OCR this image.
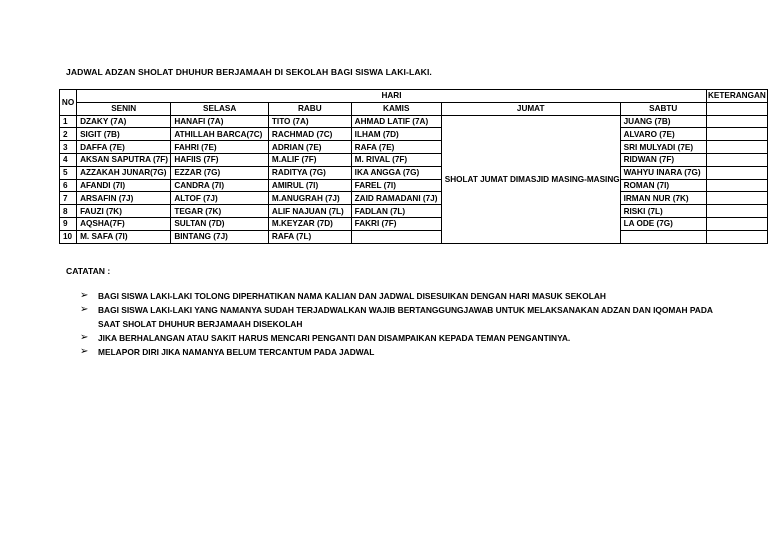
JADWAL ADZAN SHOLAT DHUHUR BERJAMAAH DI SEKOLAH BAGI SISWA LAKI-LAKI.
NO	HARI						KETERANGAN
	SENIN	SELASA	RABU	KAMIS	JUMAT	SABTU	
1	DZAKY (7A)	HANAFI (7A)	TITO (7A)	AHMAD LATIF (7A)	SHOLAT JUMAT DIMASJID MASING-MASING	JUANG (7B)	
2	SIGIT (7B)	ATHILLAH BARCA(7C)	RACHMAD (7C)	ILHAM (7D)		ALVARO (7E)	
3	DAFFA (7E)	FAHRI (7E)	ADRIAN (7E)	RAFA (7E)		SRI MULYADI (7E)	
4	AKSAN SAPUTRA (7F)	HAFIIS (7F)	M.ALIF (7F)	M. RIVAL (7F)		RIDWAN (7F)	
5	AZZAKAH JUNAR(7G)	EZZAR (7G)	RADITYA (7G)	IKA ANGGA (7G)		WAHYU INARA (7G)	
6	AFANDI (7I)	CANDRA (7I)	AMIRUL (7I)	FAREL (7I)		ROMAN (7I)	
7	ARSAFIN (7J)	ALTOF (7J)	M.ANUGRAH (7J)	ZAID RAMADANI (7J)		IRMAN NUR (7K)	
8	FAUZI (7K)	TEGAR (7K)	ALIF NAJUAN (7L)	FADLAN (7L)		RISKI (7L)	
9	AQSHA(7F)	SULTAN (7D)	M.KEYZAR (7D)	FAKRI (7F)		LA ODE (7G)	
10	M. SAFA (7I)	BINTANG (7J)	RAFA (7L)				
CATATAN :
➢ BAGI SISWA LAKI-LAKI TOLONG DIPERHATIKAN NAMA KALIAN DAN JADWAL DISESUIKAN DENGAN HARI MASUK SEKOLAH
➢ BAGI SISWA LAKI-LAKI YANG NAMANYA SUDAH TERJADWALKAN WAJIB BERTANGGUNGJAWAB UNTUK MELAKSANAKAN ADZAN DAN IQOMAH PADA SAAT SHOLAT DHUHUR BERJAMAAH DISEKOLAH
➢ JIKA BERHALANGAN ATAU SAKIT HARUS MENCARI PENGANTI DAN DISAMPAIKAN KEPADA TEMAN PENGANTINYA.
➢ MELAPOR DIRI JIKA NAMANYA BELUM TERCANTUM PADA JADWAL
